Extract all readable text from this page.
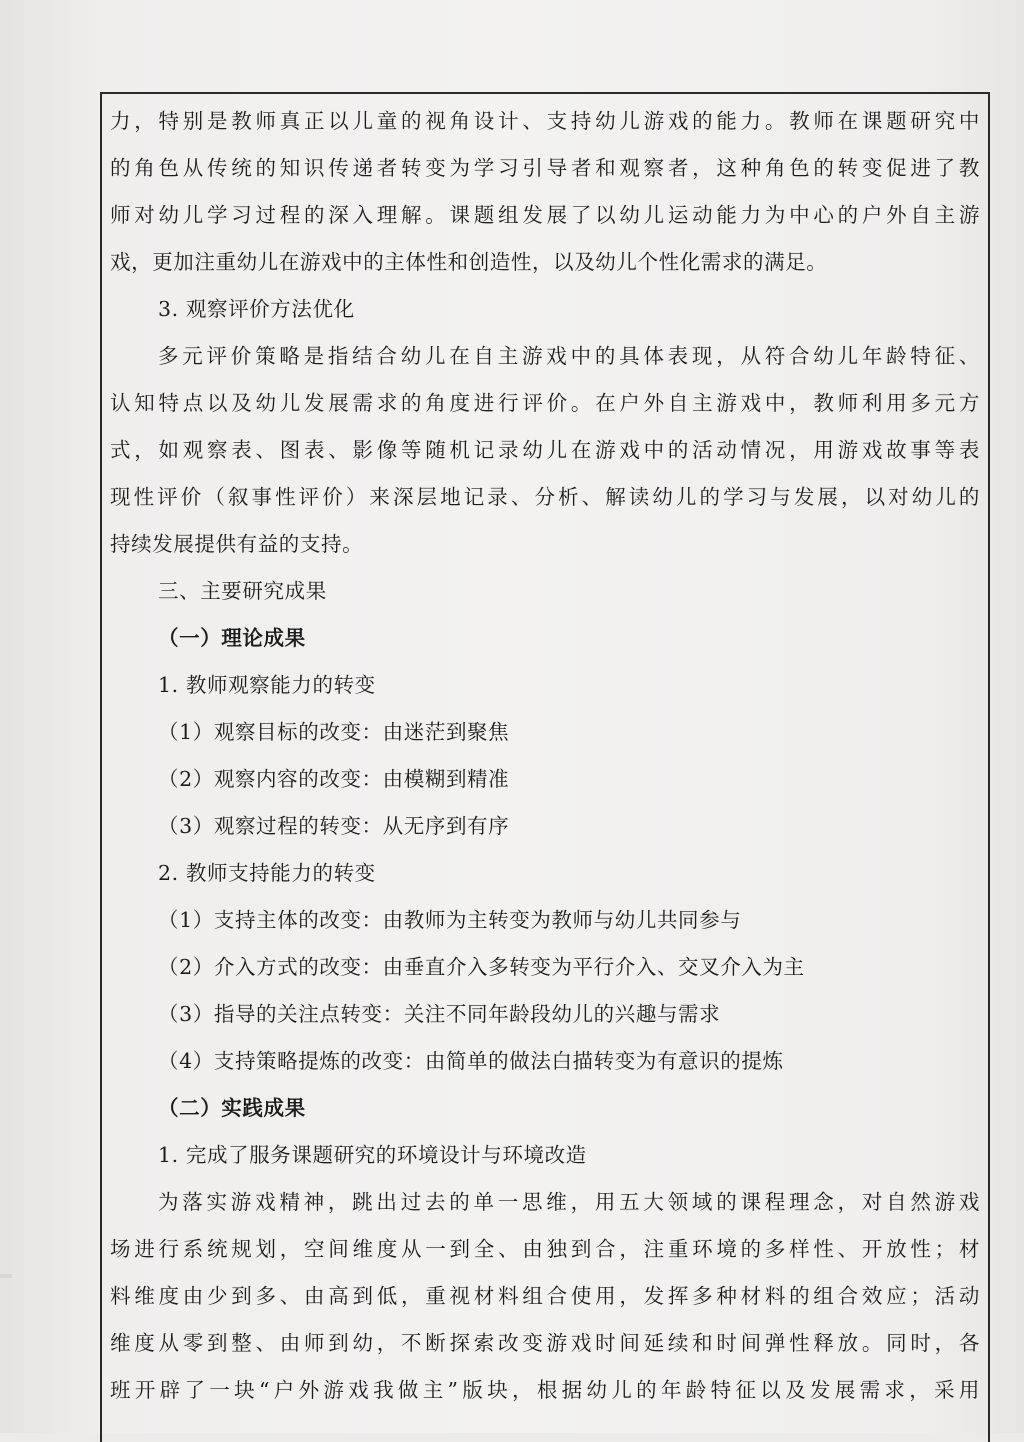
力，特别是教师真正以儿童的视角设计、支持幼儿游戏的能力。教师在课题研究中
的角色从传统的知识传递者转变为学习引导者和观察者，这种角色的转变促进了教
师对幼儿学习过程的深入理解。课题组发展了以幼儿运动能力为中心的户外自主游
戏，更加注重幼儿在游戏中的主体性和创造性，以及幼儿个性化需求的满足。
3. 观察评价方法优化
多元评价策略是指结合幼儿在自主游戏中的具体表现，从符合幼儿年龄特征、
认知特点以及幼儿发展需求的角度进行评价。在户外自主游戏中，教师利用多元方
式，如观察表、图表、影像等随机记录幼儿在游戏中的活动情况，用游戏故事等表
现性评价（叙事性评价）来深层地记录、分析、解读幼儿的学习与发展，以对幼儿的
持续发展提供有益的支持。
三、主要研究成果
（一）理论成果
1. 教师观察能力的转变
（1）观察目标的改变：由迷茫到聚焦
（2）观察内容的改变：由模糊到精准
（3）观察过程的转变：从无序到有序
2. 教师支持能力的转变
（1）支持主体的改变：由教师为主转变为教师与幼儿共同参与
（2）介入方式的改变：由垂直介入多转变为平行介入、交叉介入为主
（3）指导的关注点转变：关注不同年龄段幼儿的兴趣与需求
（4）支持策略提炼的改变：由简单的做法白描转变为有意识的提炼
（二）实践成果
1. 完成了服务课题研究的环境设计与环境改造
为落实游戏精神，跳出过去的单一思维，用五大领域的课程理念，对自然游戏
场进行系统规划，空间维度从一到全、由独到合，注重环境的多样性、开放性；材
料维度由少到多、由高到低，重视材料组合使用，发挥多种材料的组合效应；活动
维度从零到整、由师到幼，不断探索改变游戏时间延续和时间弹性释放。同时，各
班开辟了一块“户外游戏我做主”版块，根据幼儿的年龄特征以及发展需求，采用
